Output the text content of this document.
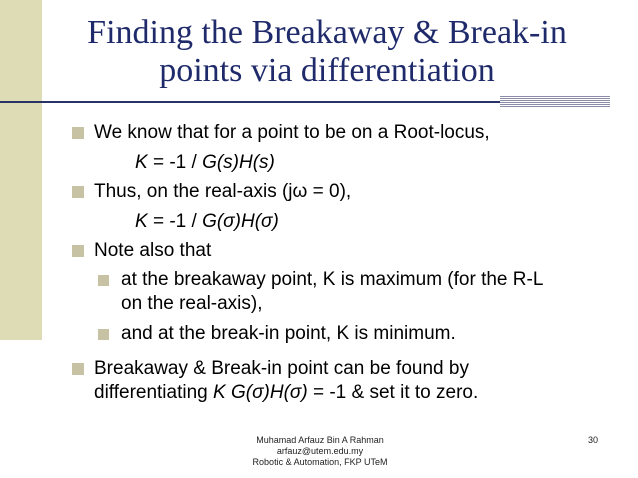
Finding the Breakaway & Break-in
points via differentiation
We know that for a point to be on a Root-locus,
K = -1 / G(s)H(s)
Thus, on the real-axis (jω = 0),
K = -1 / G(σ)H(σ)
Note also that
at the breakaway point, K is maximum (for the R-L
on the real-axis),
and at the break-in point, K is minimum.
Breakaway & Break-in point can be found by
differentiating K G(σ)H(σ) = -1 & set it to zero.
Muhamad Arfauz Bin A Rahman
arfauz@utem.edu.my
Robotic & Automation, FKP UTeM
30
